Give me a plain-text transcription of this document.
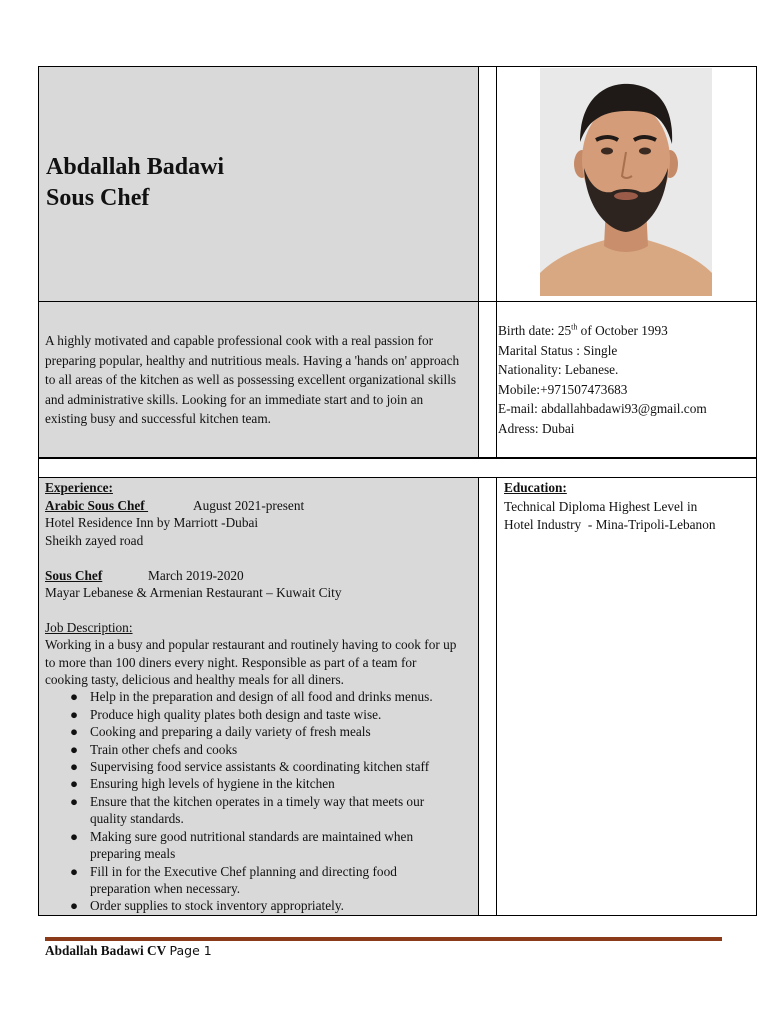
Abdallah Badawi
Sous Chef
A highly motivated and capable professional cook with a real passion for preparing popular, healthy and nutritious meals. Having a 'hands on' approach to all areas of the kitchen as well as possessing excellent organizational skills and administrative skills. Looking for an immediate start and to join an existing busy and successful kitchen team.
Birth date: 25th of October 1993
Marital Status : Single
Nationality: Lebanese.
Mobile:+971507473683
E-mail: abdallahbadawi93@gmail.com
Adress: Dubai
Experience:
Arabic Sous Chef	August 2021-present
Hotel Residence Inn by Marriott -Dubai
Sheikh zayed road
Sous Chef	March 2019-2020
Mayar Lebanese & Armenian Restaurant – Kuwait City
Job Description:
Working in a busy and popular restaurant and routinely having to cook for up
to more than 100 diners every night. Responsible as part of a team for
cooking tasty, delicious and healthy meals for all diners.
● Help in the preparation and design of all food and drinks menus.
● Produce high quality plates both design and taste wise.
● Cooking and preparing a daily variety of fresh meals
● Train other chefs and cooks
● Supervising food service assistants & coordinating kitchen staff
● Ensuring high levels of hygiene in the kitchen
● Ensure that the kitchen operates in a timely way that meets our
quality standards.
● Making sure good nutritional standards are maintained when
preparing meals
● Fill in for the Executive Chef planning and directing food
preparation when necessary.
● Order supplies to stock inventory appropriately.
Education:
Technical Diploma Highest Level in
Hotel Industry  - Mina-Tripoli-Lebanon
Abdallah Badawi CV Page 1
